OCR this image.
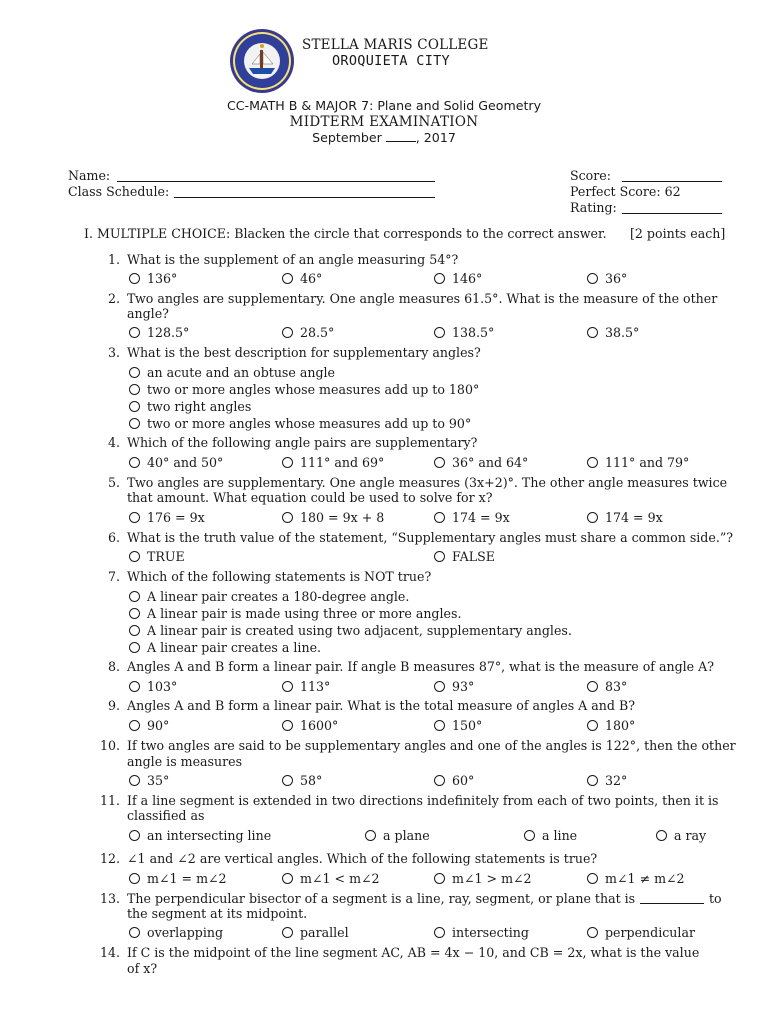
STELLA MARIS COLLEGE
OROQUIETA CITY
CC-MATH B & MAJOR 7: Plane and Solid Geometry
MIDTERM EXAMINATION
September	, 2017
Name:
Class Schedule:
Score:
Perfect Score: 62
Rating:
I. MULTIPLE CHOICE: Blacken the circle that corresponds to the correct answer. [2 points each]
1. What is the supplement of an angle measuring 54°?
136°	46°	146°	36°
2. Two angles are supplementary. One angle measures 61.5°. What is the measure of the other
angle?
128.5°	28.5°	138.5°	38.5°
3. What is the best description for supplementary angles?
an acute and an obtuse angle
two or more angles whose measures add up to 180°
two right angles
two or more angles whose measures add up to 90°
4. Which of the following angle pairs are supplementary?
40° and 50°	111° and 69°	36° and 64°	111° and 79°
5. Two angles are supplementary. One angle measures (3x+2)°. The other angle measures twice
that amount. What equation could be used to solve for x?
176 = 9x	180 = 9x + 8	174 = 9x	174 = 9x
6. What is the truth value of the statement, “Supplementary angles must share a common side.”?
TRUE	FALSE
7. Which of the following statements is NOT true?
A linear pair creates a 180-degree angle.
A linear pair is made using three or more angles.
A linear pair is created using two adjacent, supplementary angles.
A linear pair creates a line.
8. Angles A and B form a linear pair. If angle B measures 87°, what is the measure of angle A?
103°	113°	93°	83°
9. Angles A and B form a linear pair. What is the total measure of angles A and B?
90°	1600°	150°	180°
10. If two angles are said to be supplementary angles and one of the angles is 122°, then the other
angle is measures
35°	58°	60°	32°
11. If a line segment is extended in two directions indefinitely from each of two points, then it is
classified as
an intersecting line	a plane	a line	a ray
12. ∠1 and ∠2 are vertical angles. Which of the following statements is true?
m∠1 = m∠2	m∠1 < m∠2	m∠1 > m∠2	m∠1 ≠ m∠2
13. The perpendicular bisector of a segment is a line, ray, segment, or plane that is	to
the segment at its midpoint.
overlapping	parallel	intersecting	perpendicular
14. If C is the midpoint of the line segment AC, AB = 4x − 10, and CB = 2x, what is the value
of x?
